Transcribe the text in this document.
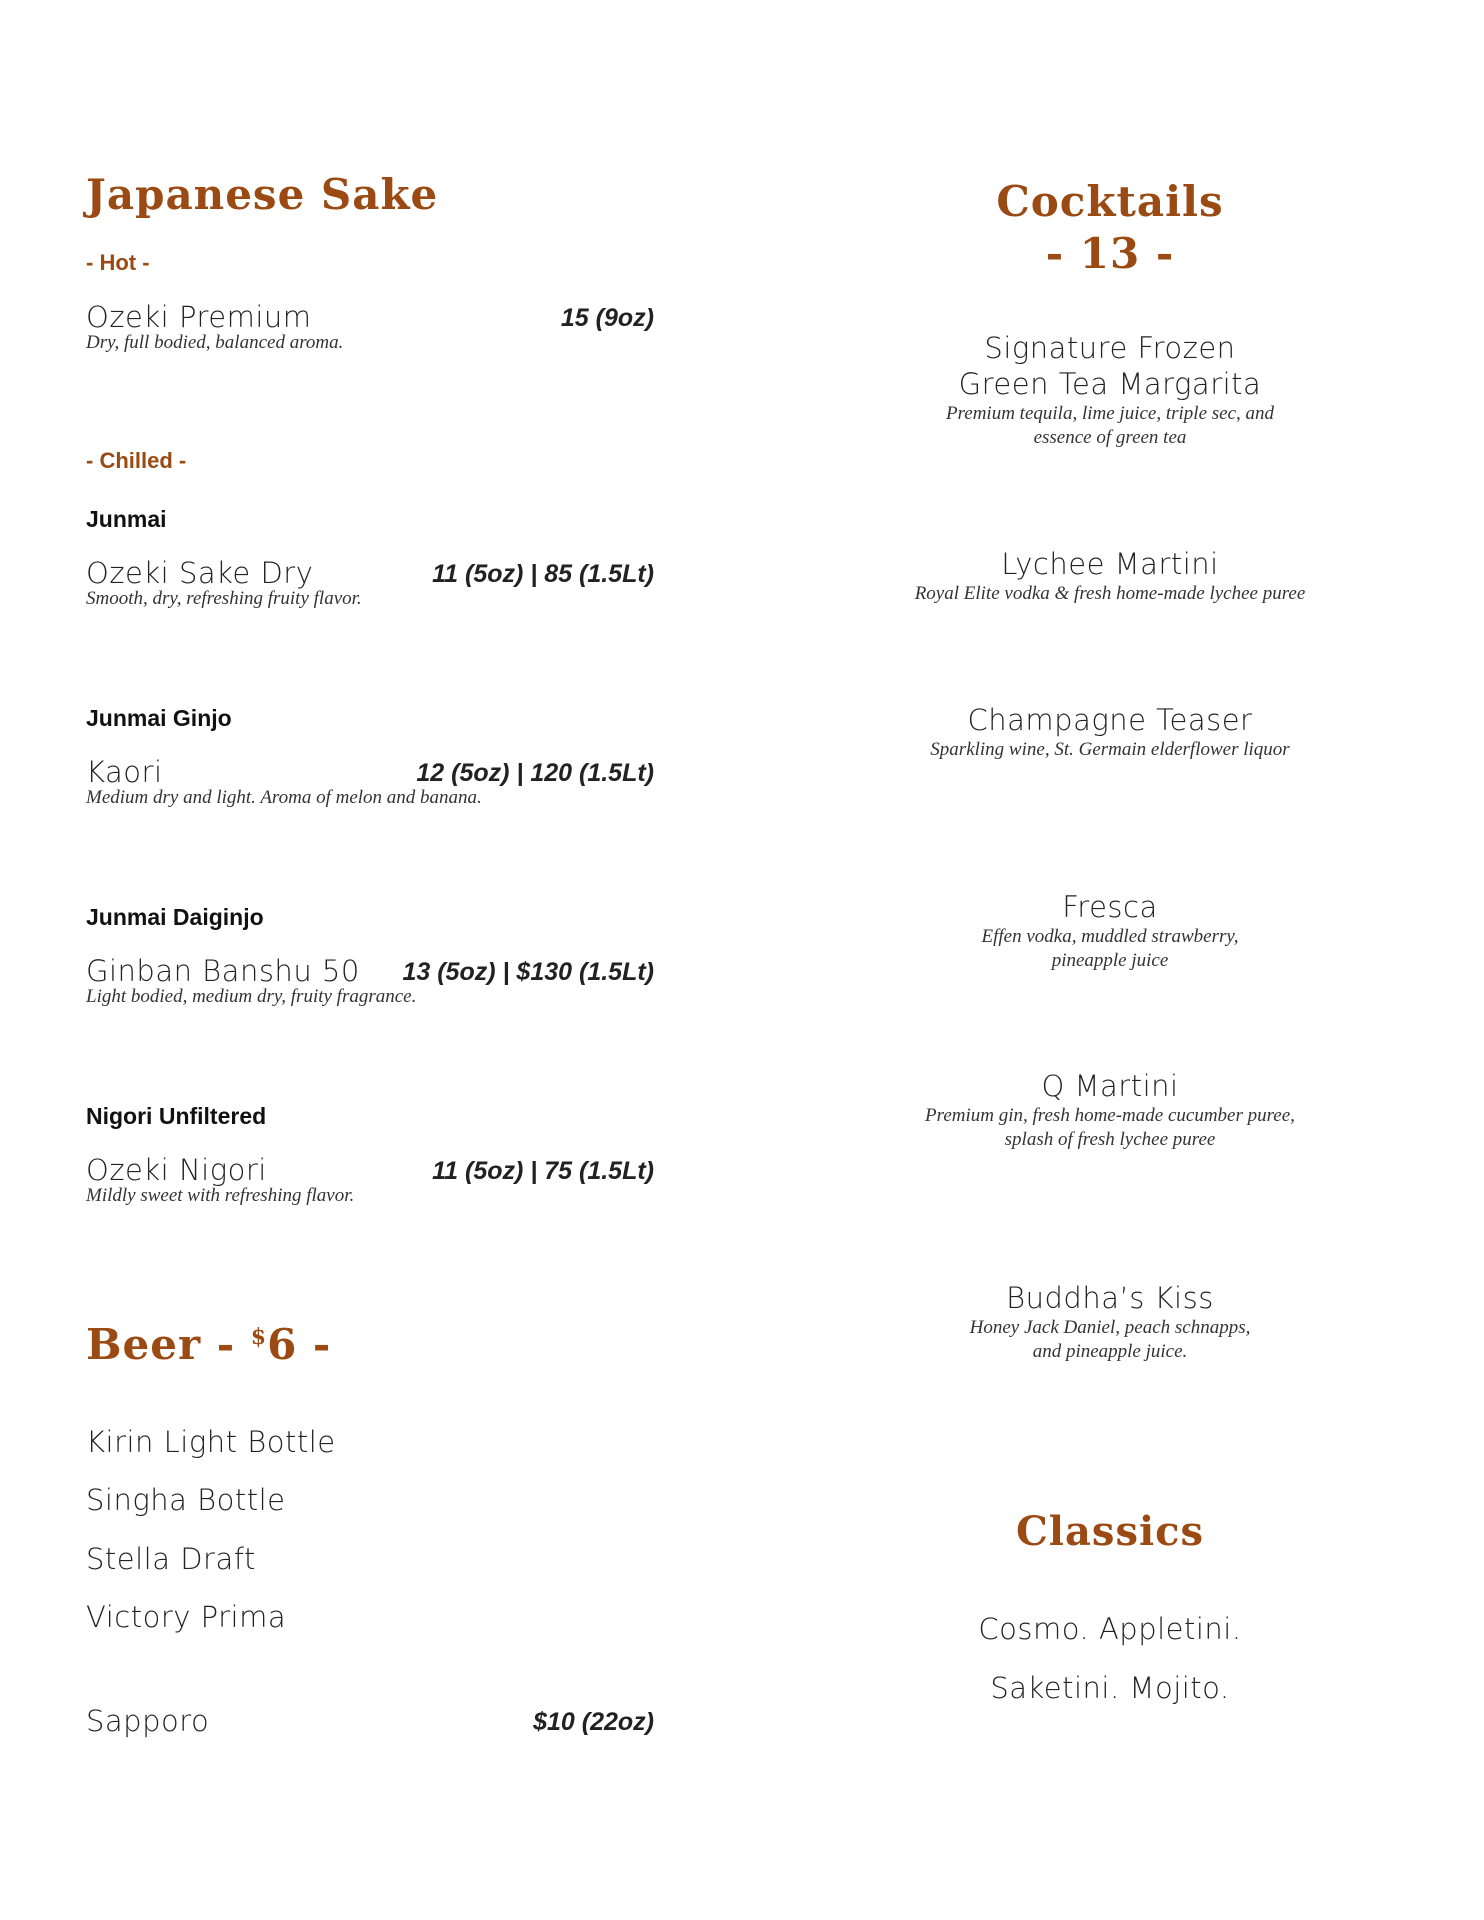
Japanese Sake
- Hot -
Ozeki Premium	15 (9oz)
Dry, full bodied, balanced aroma.
- Chilled -
Junmai
Ozeki Sake Dry	11 (5oz) | 85 (1.5Lt)
Smooth, dry, refreshing fruity flavor.
Junmai Ginjo
Kaori	12 (5oz) | 120 (1.5Lt)
Medium dry and light. Aroma of melon and banana.
Junmai Daiginjo
Ginban Banshu 50	13 (5oz) | $130 (1.5Lt)
Light bodied, medium dry, fruity fragrance.
Nigori Unfiltered
Ozeki Nigori	11 (5oz) | 75 (1.5Lt)
Mildly sweet with refreshing flavor.
Beer - $6 -
Kirin Light Bottle
Singha Bottle
Stella Draft
Victory Prima
Sapporo	$10 (22oz)
Cocktails
- 13 -
Signature Frozen
Green Tea Margarita
Premium tequila, lime juice, triple sec, and
essence of green tea
Lychee Martini
Royal Elite vodka & fresh home-made lychee puree
Champagne Teaser
Sparkling wine, St. Germain elderflower liquor
Fresca
Effen vodka, muddled strawberry,
pineapple juice
Q Martini
Premium gin, fresh home-made cucumber puree,
splash of fresh lychee puree
Buddha’s Kiss
Honey Jack Daniel, peach schnapps,
and pineapple juice.
Classics
Cosmo. Appletini.
Saketini. Mojito.
